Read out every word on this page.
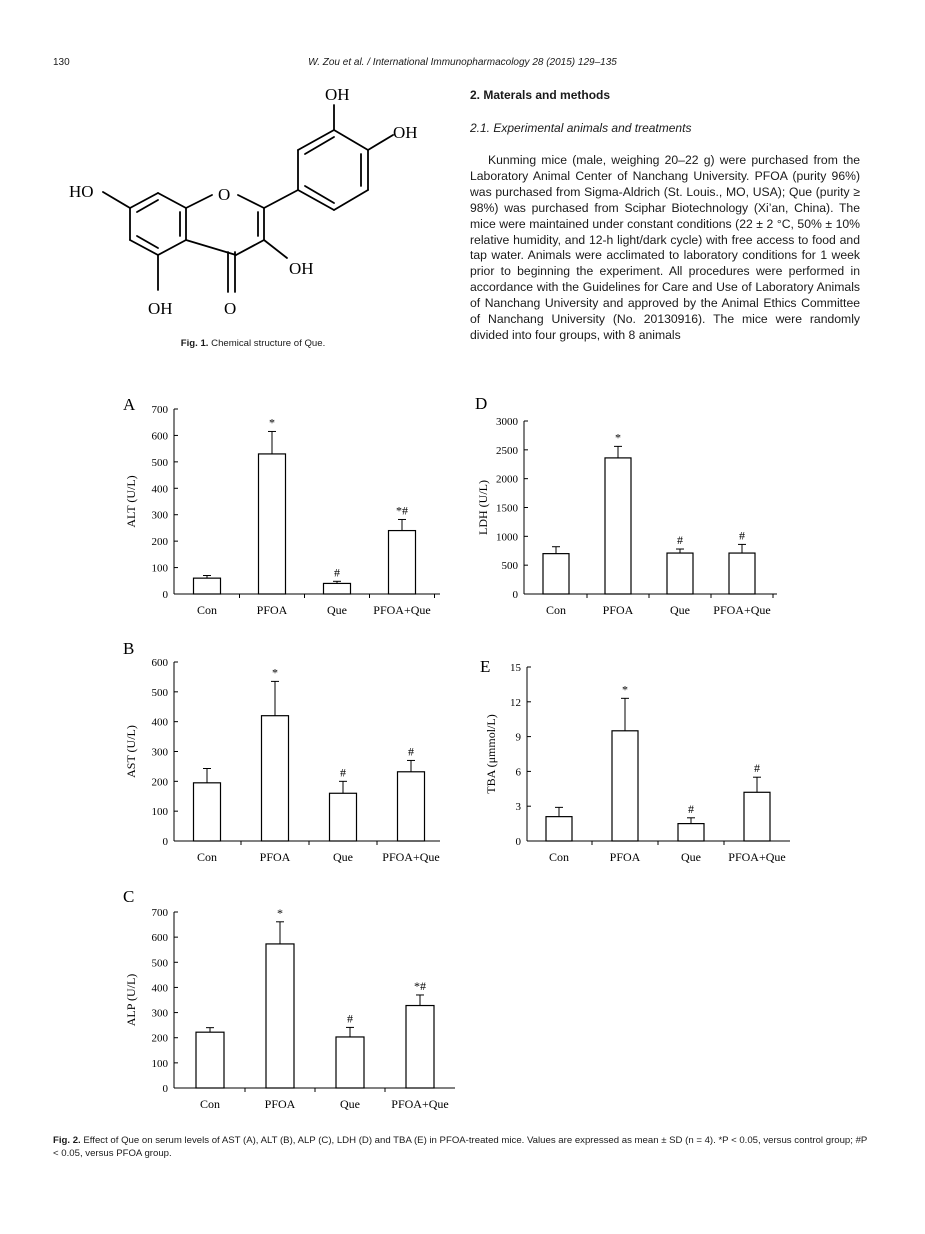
130	W. Zou et al. / International Immunopharmacology 28 (2015) 129–135
OH
OH
HO	O
OH
OH	O
Fig. 1. Chemical structure of Que.
2. Materals and methods
2.1. Experimental animals and treatments
Kunming mice (male, weighing 20–22 g) were purchased from the Laboratory Animal Center of Nanchang University. PFOA (purity 96%) was purchased from Sigma-Aldrich (St. Louis., MO, USA); Que (purity ≥ 98%) was purchased from Sciphar Biotechnology (Xi’an, China). The mice were maintained under constant conditions (22 ± 2 °C, 50% ± 10% relative humidity, and 12-h light/dark cycle) with free access to food and tap water. Animals were acclimated to laboratory conditions for 1 week prior to beginning the experiment. All procedures were performed in accordance with the Guidelines for Care and Use of Laboratory Animals of Nanchang University and approved by the Animal Ethics Committee of Nanchang University (No. 20130916). The mice were randomly divided into four groups, with 8 animals
A
0
100
200
300
400
500
600
700
ALT (U/L)
Con
*
PFOA
#
Que
*#
PFOA+Que
D
0
500
1000
1500
2000
2500
3000
LDH (U/L)
Con
*
PFOA
#
Que
#
PFOA+Que
B
0
100
200
300
400
500
600
AST (U/L)
Con
*
PFOA
#
Que
#
PFOA+Que
E
0
3
6
9
12
15
TBA (μmmol/L)
Con
*
PFOA
#
Que
#
PFOA+Que
C
0
100
200
300
400
500
600
700
ALP (U/L)
Con
*
PFOA
#
Que
*#
PFOA+Que
Fig. 2. Effect of Que on serum levels of AST (A), ALT (B), ALP (C), LDH (D) and TBA (E) in PFOA-treated mice. Values are expressed as mean ± SD (n = 4). *P < 0.05, versus control group; #P < 0.05, versus PFOA group.
